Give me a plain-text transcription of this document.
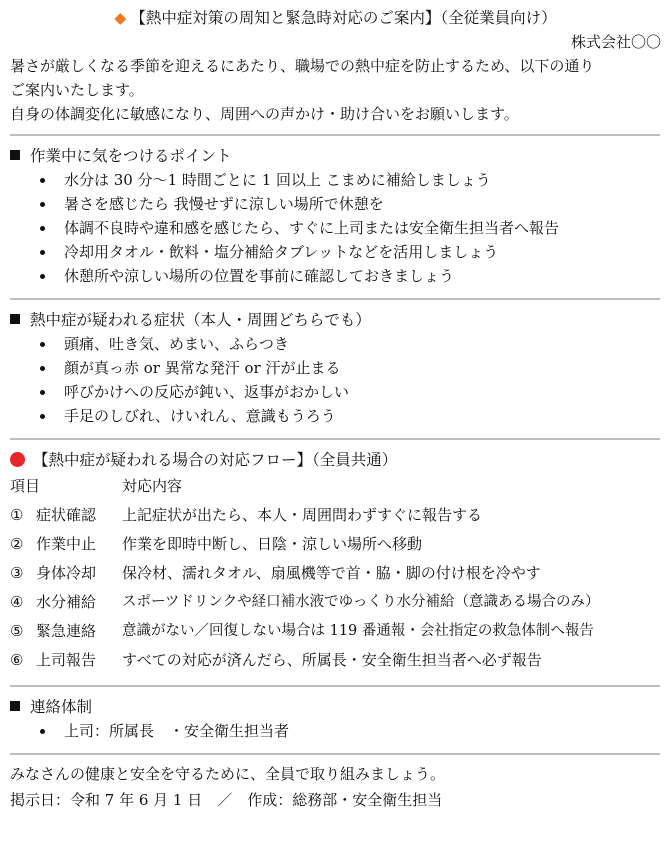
◆ 【熱中症対策の周知と緊急時対応のご案内】（全従業員向け）
株式会社〇〇

暑さが厳しくなる季節を迎えるにあたり、職場での熱中症を防止するため、以下の通り

ご案内いたします。

自身の体調変化に敏感になり、周囲への声かけ・助け合いをお願いします。

作業中に気をつけるポイント
水分は 30 分～1 時間ごとに 1 回以上 こまめに補給しましょう
暑さを感じたら 我慢せずに涼しい場所で休憩を
体調不良時や違和感を感じたら、すぐに上司または安全衛生担当者へ報告
冷却用タオル・飲料・塩分補給タブレットなどを活用しましょう
休憩所や涼しい場所の位置を事前に確認しておきましょう
熱中症が疑われる症状（本人・周囲どちらでも）
頭痛、吐き気、めまい、ふらつき
顔が真っ赤 or 異常な発汗 or 汗が止まる
呼びかけへの反応が鈍い、返事がおかしい
手足のしびれ、けいれん、意識もうろう
【熱中症が疑われる場合の対応フロー】（全員共通）
項目		対応内容
①	症状確認	上記症状が出たら、本人・周囲問わずすぐに報告する
②	作業中止	作業を即時中断し、日陰・涼しい場所へ移動
③	身体冷却	保冷材、濡れタオル、扇風機等で首・脇・脚の付け根を冷やす
④	水分補給	スポーツドリンクや経口補水液でゆっくり水分補給（意識ある場合のみ）
⑤	緊急連絡	意識がない／回復しない場合は 119 番通報・会社指定の救急体制へ報告
⑥	上司報告	すべての対応が済んだら、所属長・安全衛生担当者へ必ず報告
連絡体制
上司：所属長　・安全衛生担当者

みなさんの健康と安全を守るために、全員で取り組みましょう。

掲示日：令和 7 年 6 月 1 日　／　作成：総務部・安全衛生担当
